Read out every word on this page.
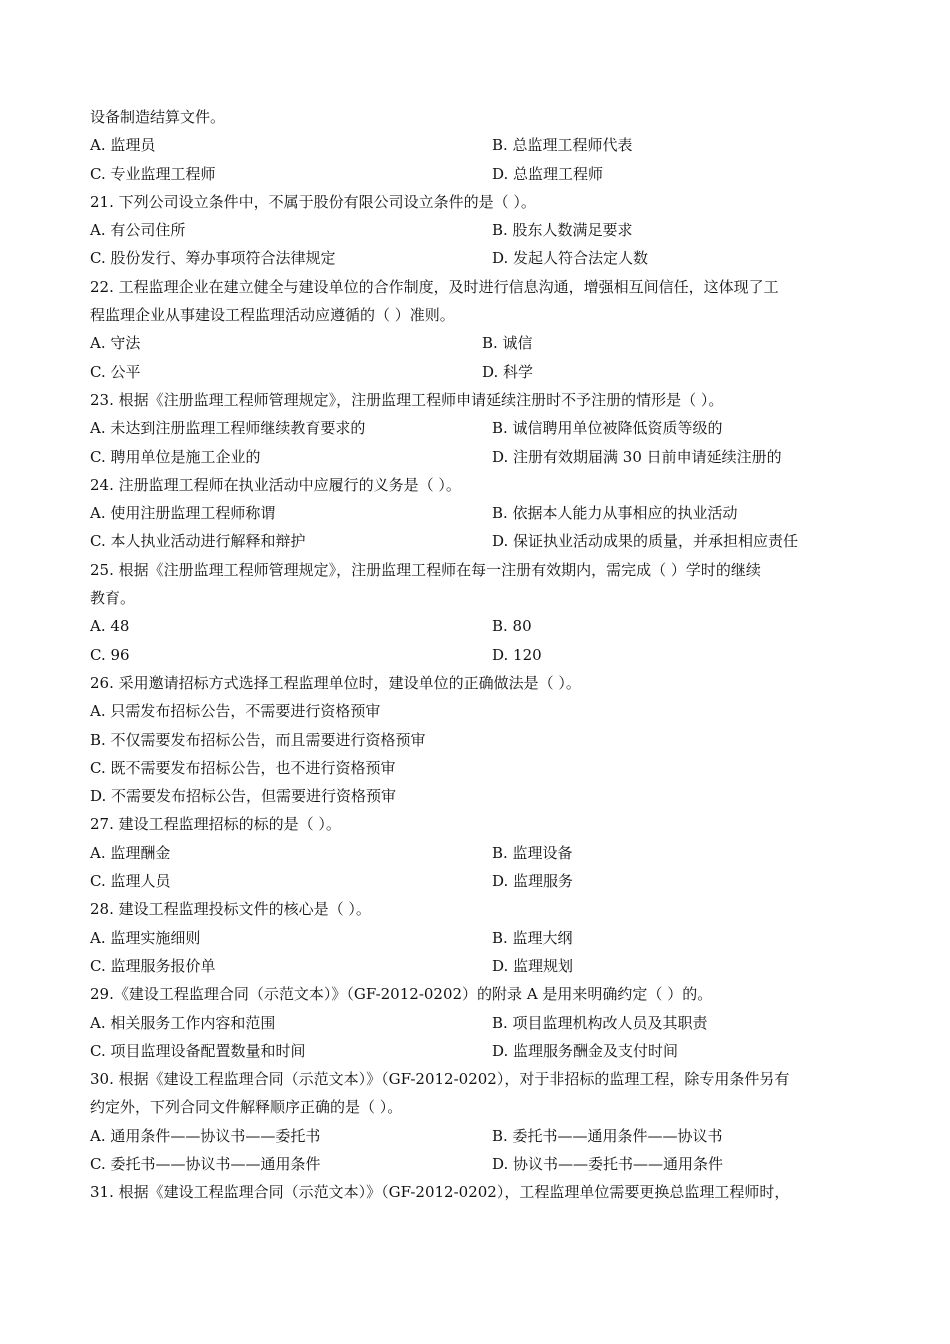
设备制造结算文件。
A. 监理员	B. 总监理工程师代表
C. 专业监理工程师	D. 总监理工程师
21. 下列公司设立条件中，不属于股份有限公司设立条件的是（ ）。
A. 有公司住所	B. 股东人数满足要求
C. 股份发行、筹办事项符合法律规定	D. 发起人符合法定人数
22. 工程监理企业在建立健全与建设单位的合作制度，及时进行信息沟通，增强相互间信任，这体现了工
程监理企业从事建设工程监理活动应遵循的（ ）准则。
A. 守法	B. 诚信
C. 公平	D. 科学
23. 根据《注册监理工程师管理规定》，注册监理工程师申请延续注册时不予注册的情形是（ ）。
A. 未达到注册监理工程师继续教育要求的	B. 诚信聘用单位被降低资质等级的
C. 聘用单位是施工企业的	D. 注册有效期届满 30 日前申请延续注册的
24. 注册监理工程师在执业活动中应履行的义务是（ ）。
A. 使用注册监理工程师称谓	B. 依据本人能力从事相应的执业活动
C. 本人执业活动进行解释和辩护	D. 保证执业活动成果的质量，并承担相应责任
25. 根据《注册监理工程师管理规定》，注册监理工程师在每一注册有效期内，需完成（ ）学时的继续
教育。
A. 48	B. 80
C. 96	D. 120
26. 采用邀请招标方式选择工程监理单位时，建设单位的正确做法是（ ）。
A. 只需发布招标公告，不需要进行资格预审
B. 不仅需要发布招标公告，而且需要进行资格预审
C. 既不需要发布招标公告，也不进行资格预审
D. 不需要发布招标公告，但需要进行资格预审
27. 建设工程监理招标的标的是（ ）。
A. 监理酬金	B. 监理设备
C. 监理人员	D. 监理服务
28. 建设工程监理投标文件的核心是（ ）。
A. 监理实施细则	B. 监理大纲
C. 监理服务报价单	D. 监理规划
29.《建设工程监理合同（示范文本）》（GF-2012-0202）的附录 A 是用来明确约定（ ）的。
A. 相关服务工作内容和范围	B. 项目监理机构改人员及其职责
C. 项目监理设备配置数量和时间	D. 监理服务酬金及支付时间
30. 根据《建设工程监理合同（示范文本）》（GF-2012-0202），对于非招标的监理工程，除专用条件另有
约定外，下列合同文件解释顺序正确的是（ ）。
A. 通用条件——协议书——委托书	B. 委托书——通用条件——协议书
C. 委托书——协议书——通用条件	D. 协议书——委托书——通用条件
31. 根据《建设工程监理合同（示范文本）》（GF-2012-0202），工程监理单位需要更换总监理工程师时，
